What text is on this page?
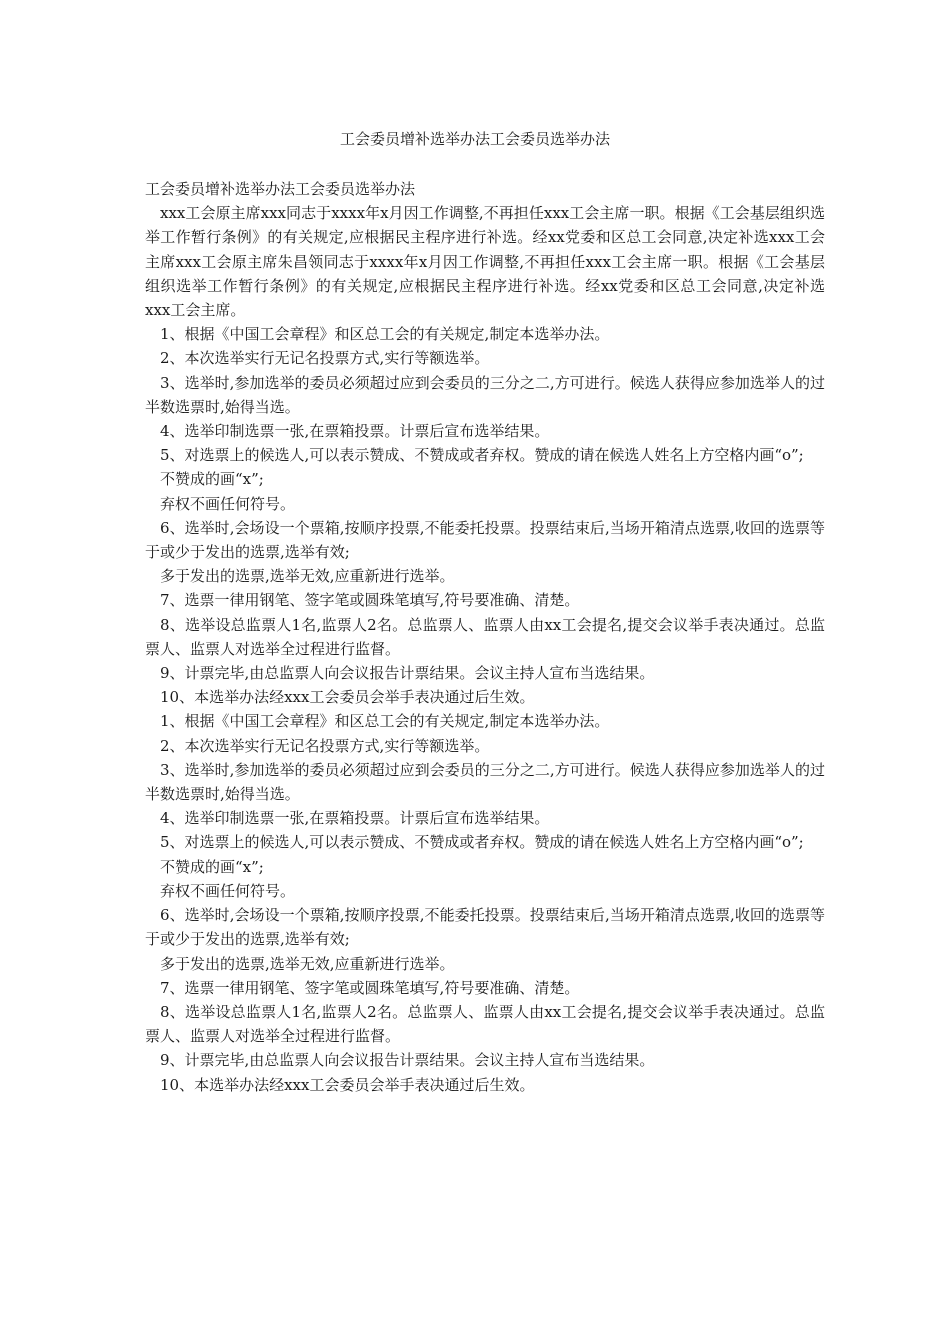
工会委员增补选举办法工会委员选举办法

工会委员增补选举办法工会委员选举办法

xxx工会原主席xxx同志于xxxx年x月因工作调整,不再担任xxx工会主席一职。根据《工会基层组织选举工作暂行条例》的有关规定,应根据民主程序进行补选。经xx党委和区总工会同意,决定补选xxx工会主席xxx工会原主席朱昌领同志于xxxx年x月因工作调整,不再担任xxx工会主席一职。根据《工会基层组织选举工作暂行条例》的有关规定,应根据民主程序进行补选。经xx党委和区总工会同意,决定补选xxx工会主席。

1、根据《中国工会章程》和区总工会的有关规定,制定本选举办法。

2、本次选举实行无记名投票方式,实行等额选举。

3、选举时,参加选举的委员必须超过应到会委员的三分之二,方可进行。候选人获得应参加选举人的过半数选票时,始得当选。

4、选举印制选票一张,在票箱投票。计票后宣布选举结果。

5、对选票上的候选人,可以表示赞成、不赞成或者弃权。赞成的请在候选人姓名上方空格内画“o”;

不赞成的画“x”;

弃权不画任何符号。

6、选举时,会场设一个票箱,按顺序投票,不能委托投票。投票结束后,当场开箱清点选票,收回的选票等于或少于发出的选票,选举有效;

多于发出的选票,选举无效,应重新进行选举。

7、选票一律用钢笔、签字笔或圆珠笔填写,符号要准确、清楚。

8、选举设总监票人1名,监票人2名。总监票人、监票人由xx工会提名,提交会议举手表决通过。总监票人、监票人对选举全过程进行监督。

9、计票完毕,由总监票人向会议报告计票结果。会议主持人宣布当选结果。

10、本选举办法经xxx工会委员会举手表决通过后生效。

1、根据《中国工会章程》和区总工会的有关规定,制定本选举办法。

2、本次选举实行无记名投票方式,实行等额选举。

3、选举时,参加选举的委员必须超过应到会委员的三分之二,方可进行。候选人获得应参加选举人的过半数选票时,始得当选。

4、选举印制选票一张,在票箱投票。计票后宣布选举结果。

5、对选票上的候选人,可以表示赞成、不赞成或者弃权。赞成的请在候选人姓名上方空格内画“o”;

不赞成的画“x”;

弃权不画任何符号。

6、选举时,会场设一个票箱,按顺序投票,不能委托投票。投票结束后,当场开箱清点选票,收回的选票等于或少于发出的选票,选举有效;

多于发出的选票,选举无效,应重新进行选举。

7、选票一律用钢笔、签字笔或圆珠笔填写,符号要准确、清楚。

8、选举设总监票人1名,监票人2名。总监票人、监票人由xx工会提名,提交会议举手表决通过。总监票人、监票人对选举全过程进行监督。

9、计票完毕,由总监票人向会议报告计票结果。会议主持人宣布当选结果。

10、本选举办法经xxx工会委员会举手表决通过后生效。
